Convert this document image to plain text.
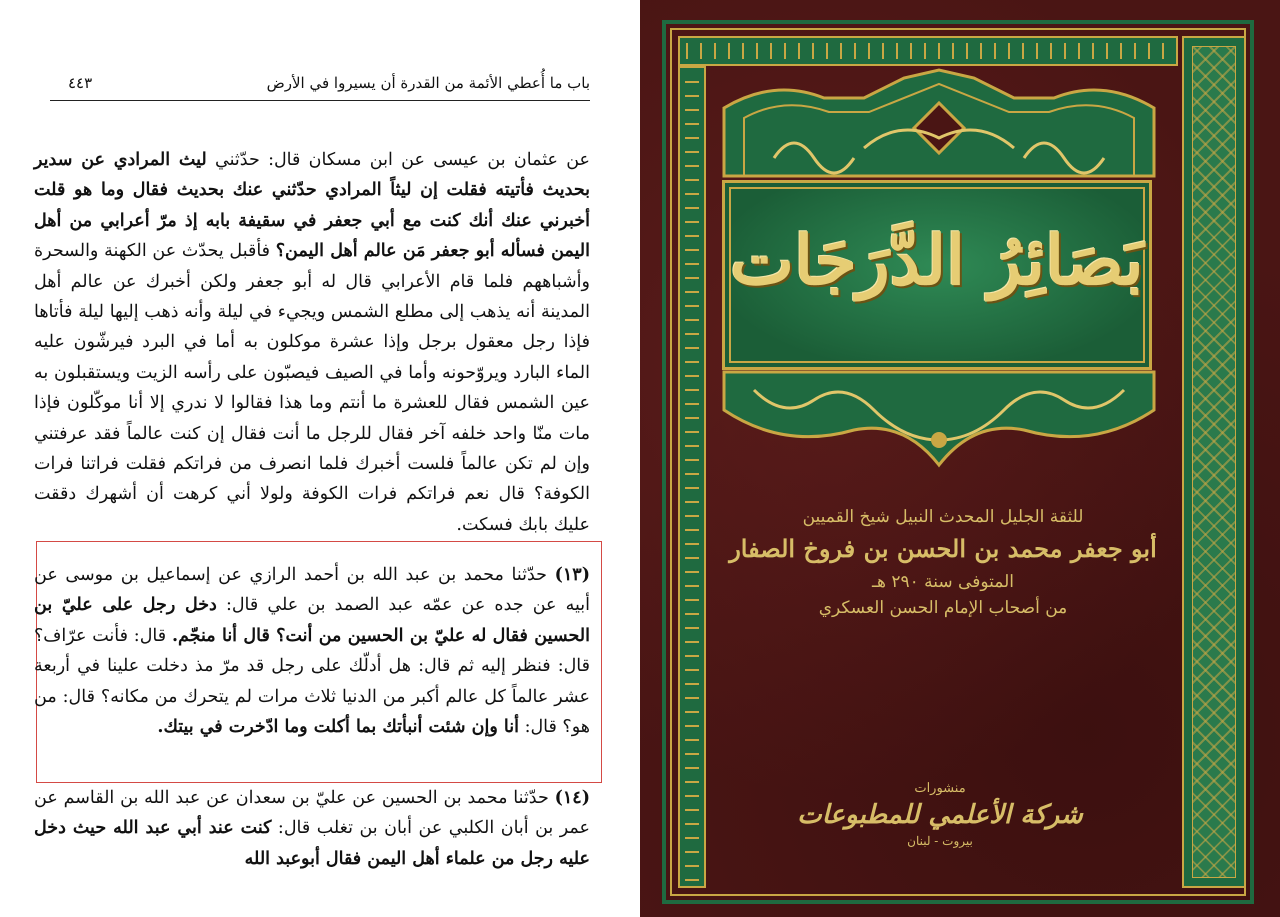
باب ما أُعطي الأئمة من القدرة أن يسيروا في الأرض
٤٤٣

عن عثمان بن عيسى عن ابن مسكان قال: حدّثني ليث المرادي عن سدير بحديث فأتيته فقلت إن ليثاً المرادي حدّثني عنك بحديث فقال وما هو قلت أخبرني عنك أنك كنت مع أبي جعفر في سقيفة بابه إذ مرّ أعرابي من أهل اليمن فسأله أبو جعفر مَن عالم أهل اليمن؟ فأقبل يحدّث عن الكهنة والسحرة وأشباههم فلما قام الأعرابي قال له أبو جعفر ولكن أخبرك عن عالم أهل المدينة أنه يذهب إلى مطلع الشمس ويجيء في ليلة وأنه ذهب إليها ليلة فأتاها فإذا رجل معقول برجل وإذا عشرة موكلون به أما في البرد فيرشّون عليه الماء البارد ويروّحونه وأما في الصيف فيصبّون على رأسه الزيت ويستقبلون به عين الشمس فقال للعشرة ما أنتم وما هذا فقالوا لا ندري إلا أنا موكّلون فإذا مات منّا واحد خلفه آخر فقال للرجل ما أنت فقال إن كنت عالماً فقد عرفتني وإن لم تكن عالماً فلست أخبرك فلما انصرف من فراتكم فقلت فراتنا فرات الكوفة؟ قال نعم فراتكم فرات الكوفة ولولا أني كرهت أن أشهرك دققت عليك بابك فسكت.

(١٣) حدّثنا محمد بن عبد الله بن أحمد الرازي عن إسماعيل بن موسى عن أبيه عن جده عن عمّه عبد الصمد بن علي قال: دخل رجل على عليّ بن الحسين فقال له عليّ بن الحسين من أنت؟ قال أنا منجّم. قال: فأنت عرّاف؟ قال: فنظر إليه ثم قال: هل أدلّك على رجل قد مرّ مذ دخلت علينا في أربعة عشر عالماً كل عالم أكبر من الدنيا ثلاث مرات لم يتحرك من مكانه؟ قال: من هو؟ قال: أنا وإن شئت أنبأتك بما أكلت وما ادّخرت في بيتك.

(١٤) حدّثنا محمد بن الحسين عن عليّ بن سعدان عن عبد الله بن القاسم عن عمر بن أبان الكلبي عن أبان بن تغلب قال: كنت عند أبي عبد الله حيث دخل عليه رجل من علماء أهل اليمن فقال أبوعبد الله

بَصَائِرُ الدَّرَجَات
للثقة الجليل المحدث النبيل شيخ القميين
أبو جعفر محمد بن الحسن بن فروخ الصفار
المتوفى سنة ٢٩٠ هـ
من أصحاب الإمام الحسن العسكري
منشورات
شركة الأعلمي للمطبوعات
بيروت - لبنان
